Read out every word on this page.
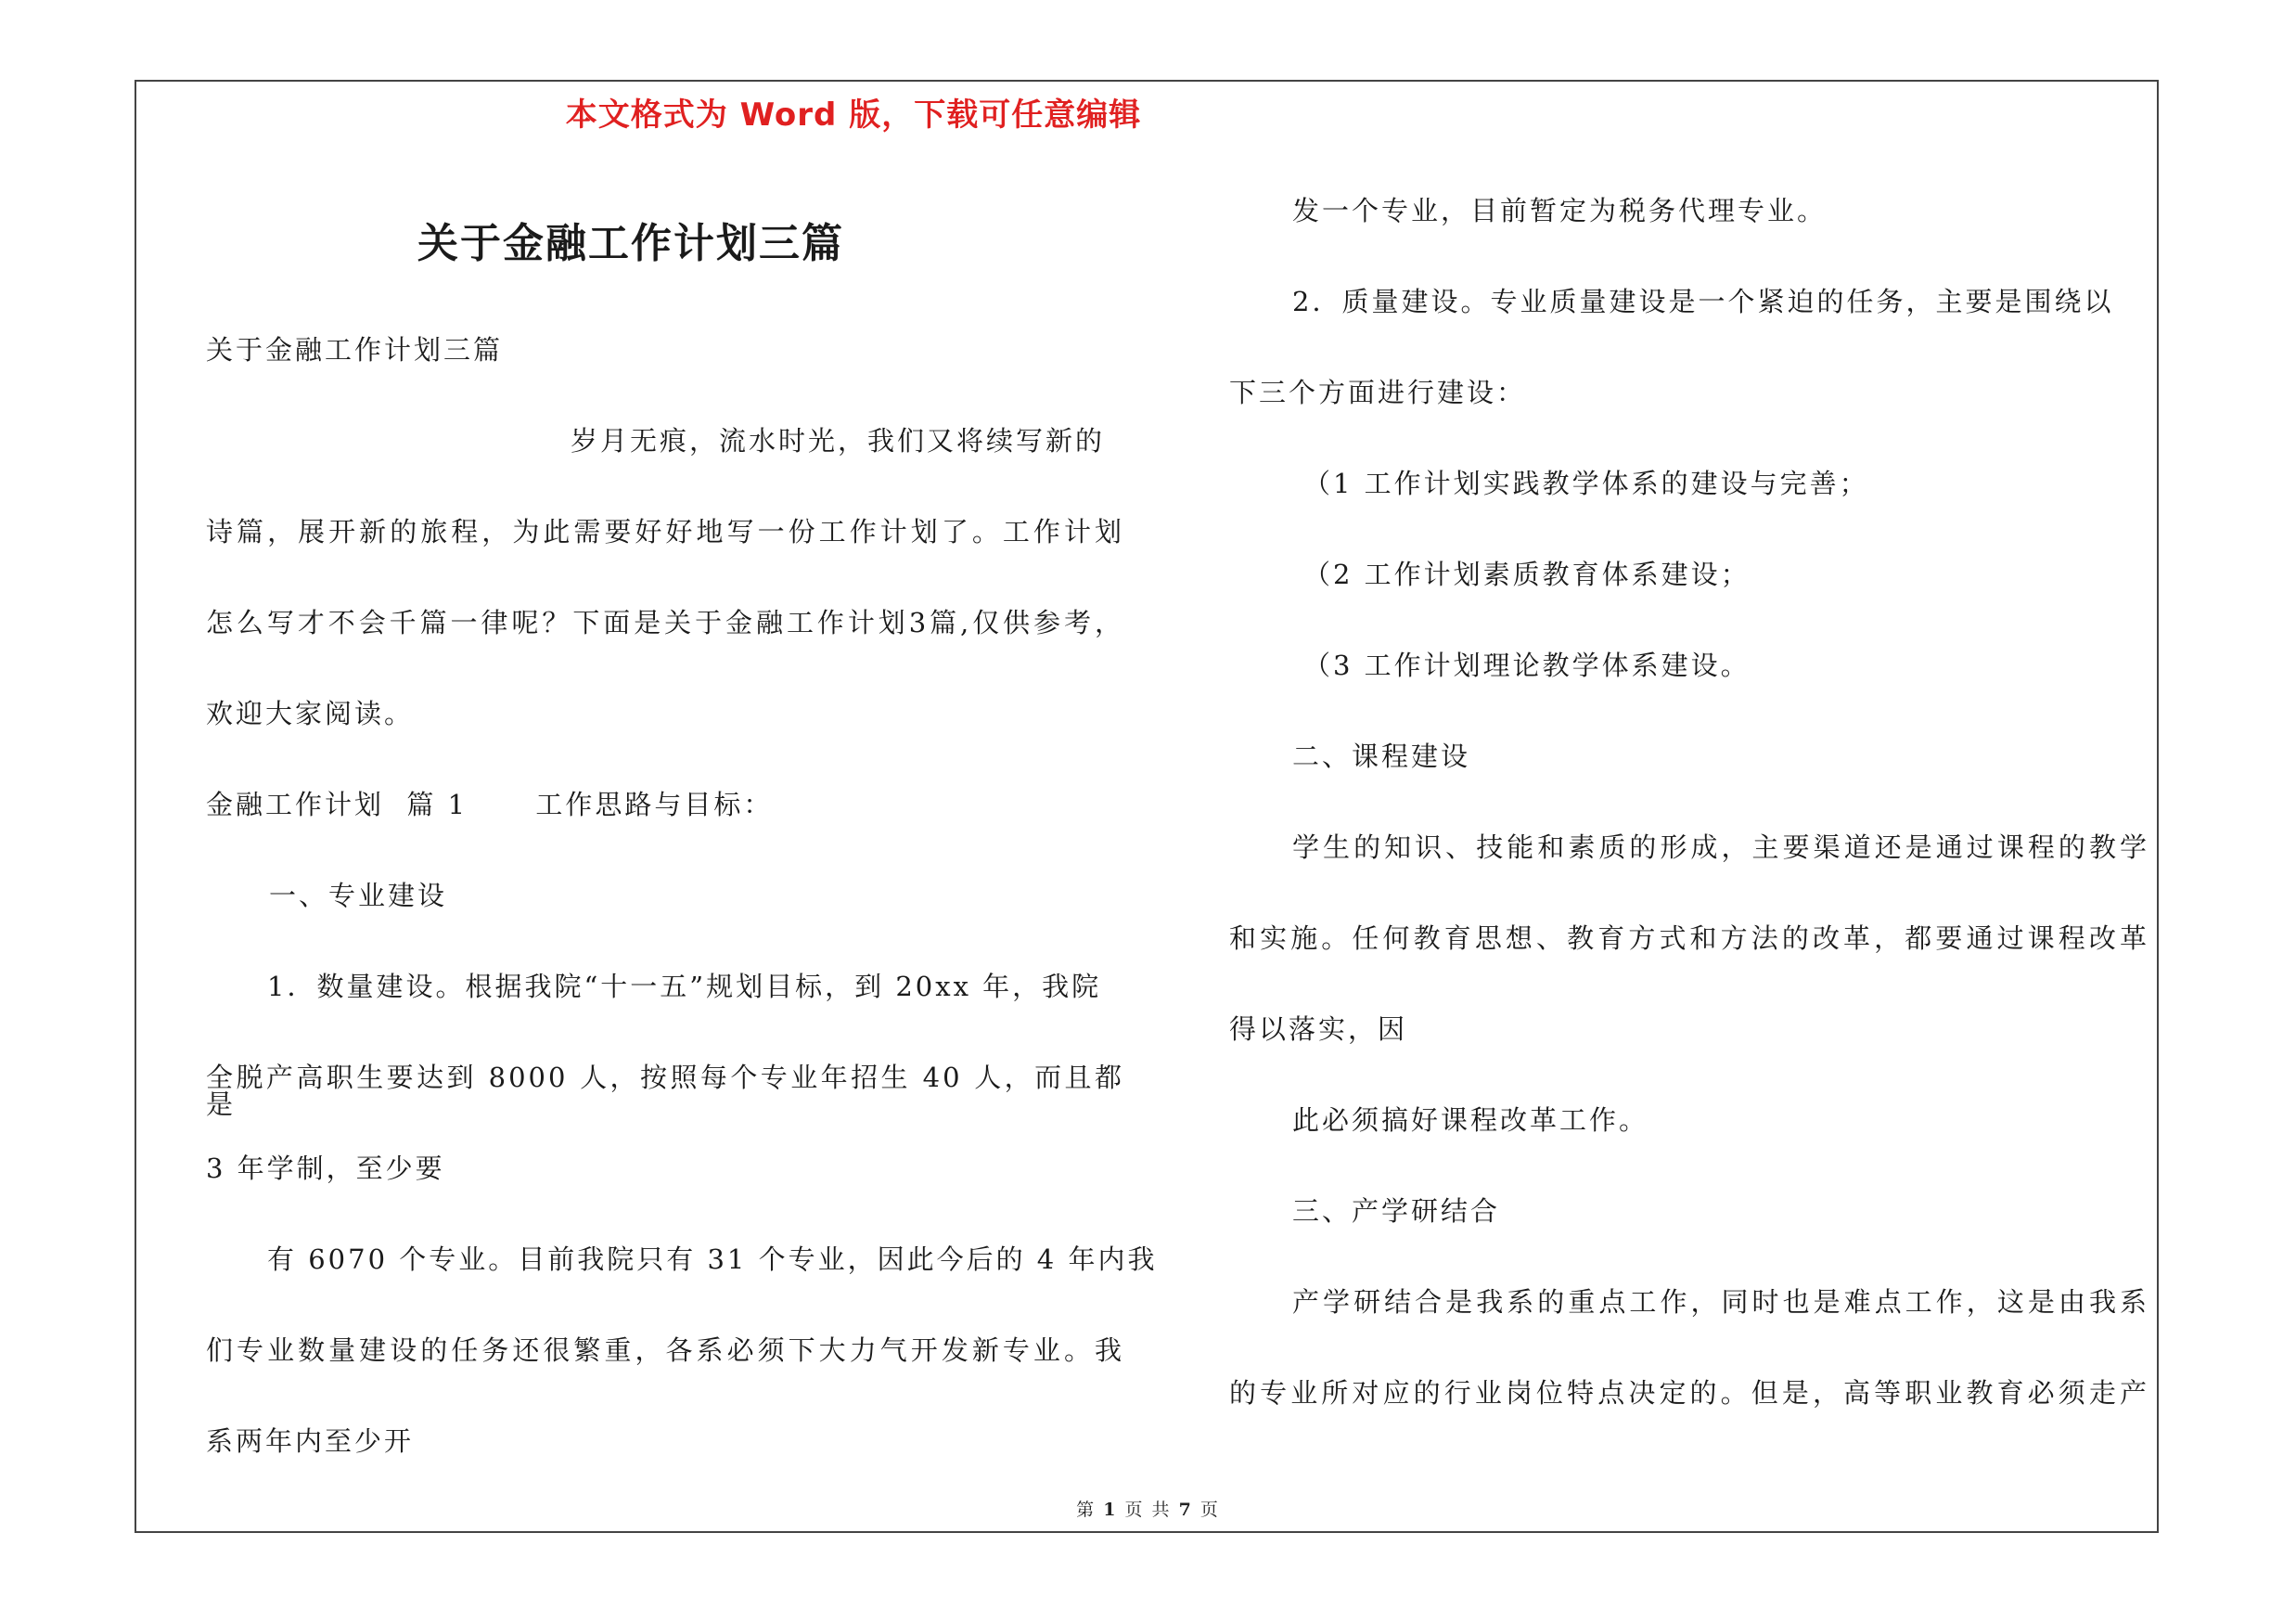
本文格式为 Word 版，下载可任意编辑
关于金融工作计划三篇
关于金融工作计划三篇
岁月无痕，流水时光，我们又将续写新的
诗篇，展开新的旅程，为此需要好好地写一份工作计划了。工作计划
怎么写才不会千篇一律呢？下面是关于金融工作计划3篇,仅供参考，
欢迎大家阅读。
金融工作计划  篇 1      工作思路与目标：
一、专业建设
1．数量建设。根据我院“十一五”规划目标，到 20xx 年，我院
全脱产高职生要达到 8000 人，按照每个专业年招生 40 人，而且都是
3 年学制，至少要
有 6070 个专业。目前我院只有 31 个专业，因此今后的 4 年内我
们专业数量建设的任务还很繁重，各系必须下大力气开发新专业。我
系两年内至少开
发一个专业，目前暂定为税务代理专业。
2．质量建设。专业质量建设是一个紧迫的任务，主要是围绕以
下三个方面进行建设：
（1 工作计划实践教学体系的建设与完善；
（2 工作计划素质教育体系建设；
（3 工作计划理论教学体系建设。
二、课程建设
学生的知识、技能和素质的形成，主要渠道还是通过课程的教学
和实施。任何教育思想、教育方式和方法的改革，都要通过课程改革
得以落实，因
此必须搞好课程改革工作。
三、产学研结合
产学研结合是我系的重点工作，同时也是难点工作，这是由我系
的专业所对应的行业岗位特点决定的。但是，高等职业教育必须走产
第 1 页 共 7 页
